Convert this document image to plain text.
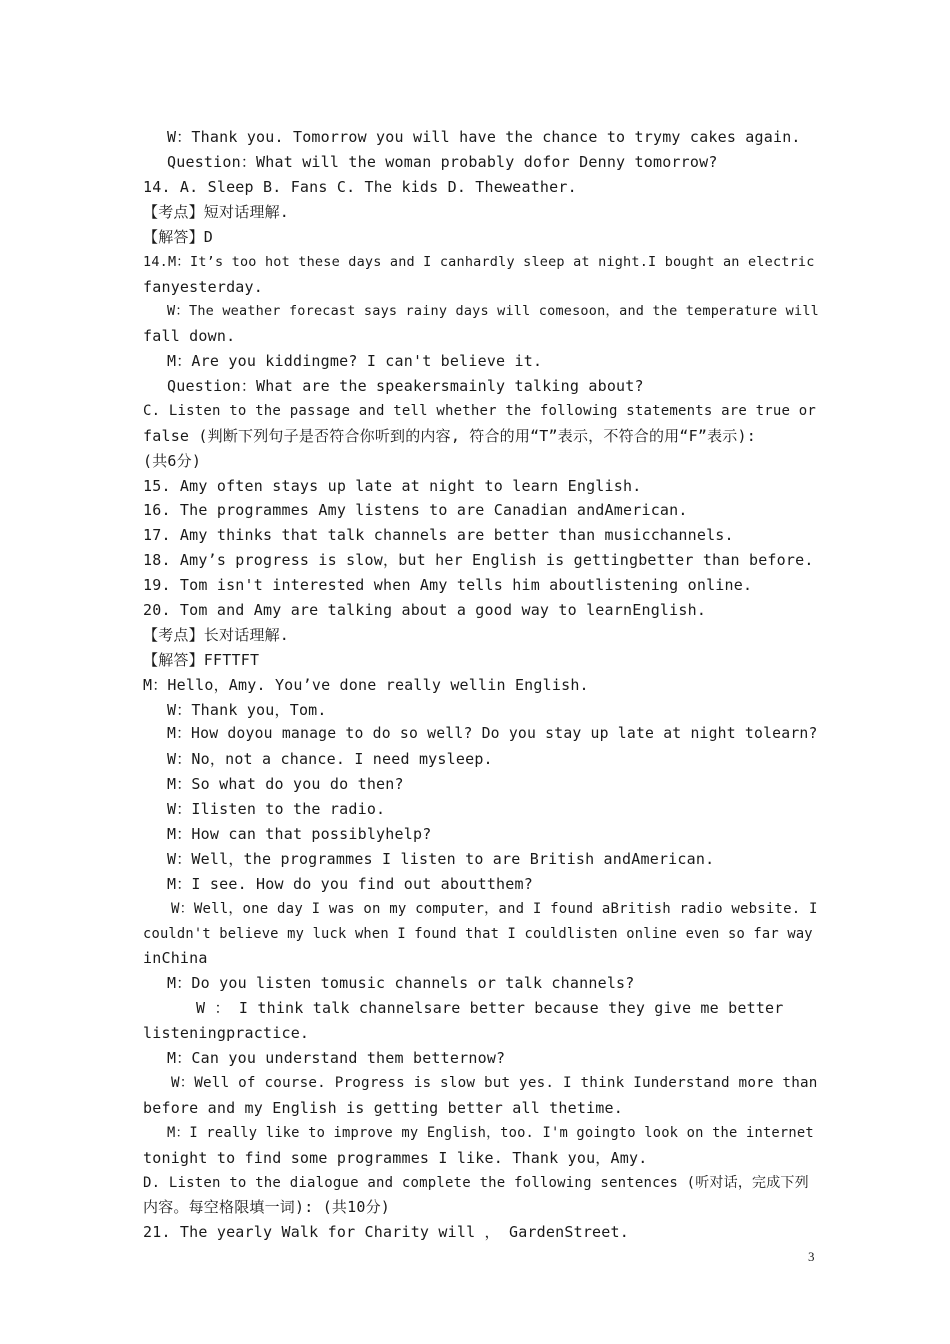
W：Thank you. Tomorrow you will have the chance to trymy cakes again.
Question：What will the woman probably dofor Denny tomorrow?
14. A. Sleep B. Fans C. The kids D. Theweather.
【考点】短对话理解.
【解答】D
14.M：It’s too hot these days and I canhardly sleep at night.I bought an electric
fanyesterday.
W：The weather forecast says rainy days will comesoon，and the temperature will
fall down.
M：Are you kiddingme? I can't believe it.
Question：What are the speakersmainly talking about?
C. Listen to the passage and tell whether the following statements are true or
false (判断下列句子是否符合你听到的内容, 符合的用“T”表示，不符合的用“F”表示):
(共6分)
15. Amy often stays up late at night to learn English.
16. The programmes Amy listens to are Canadian andAmerican.
17. Amy thinks that talk channels are better than musicchannels.
18. Amy’s progress is slow，but her English is gettingbetter than before.
19. Tom isn't interested when Amy tells him aboutlistening online.
20. Tom and Amy are talking about a good way to learnEnglish.
【考点】长对话理解.
【解答】FFTTFT
M：Hello，Amy. You’ve done really wellin English.
W：Thank you，Tom.
M：How doyou manage to do so well? Do you stay up late at night tolearn?
W：No，not a chance. I need mysleep.
M：So what do you do then?
W：Ilisten to the radio.
M：How can that possiblyhelp?
W：Well，the programmes I listen to are British andAmerican.
M：I see. How do you find out aboutthem?
W：Well，one day I was on my computer，and I found aBritish radio website. I
couldn't believe my luck when I found that I couldlisten online even so far way
inChina
M：Do you listen tomusic channels or talk channels?
W ： I think talk channelsare better because they give me better
listeningpractice.
M：Can you understand them betternow?
W：Well of course. Progress is slow but yes. I think Iunderstand more than
before and my English is getting better all thetime.
M：I really like to improve my English，too. I'm goingto look on the internet
tonight to find some programmes I like. Thank you，Amy.
D. Listen to the dialogue and complete the following sentences (听对话，完成下列
内容。每空格限填一词): (共10分)
21. The yearly Walk for Charity will ， GardenStreet.
3
